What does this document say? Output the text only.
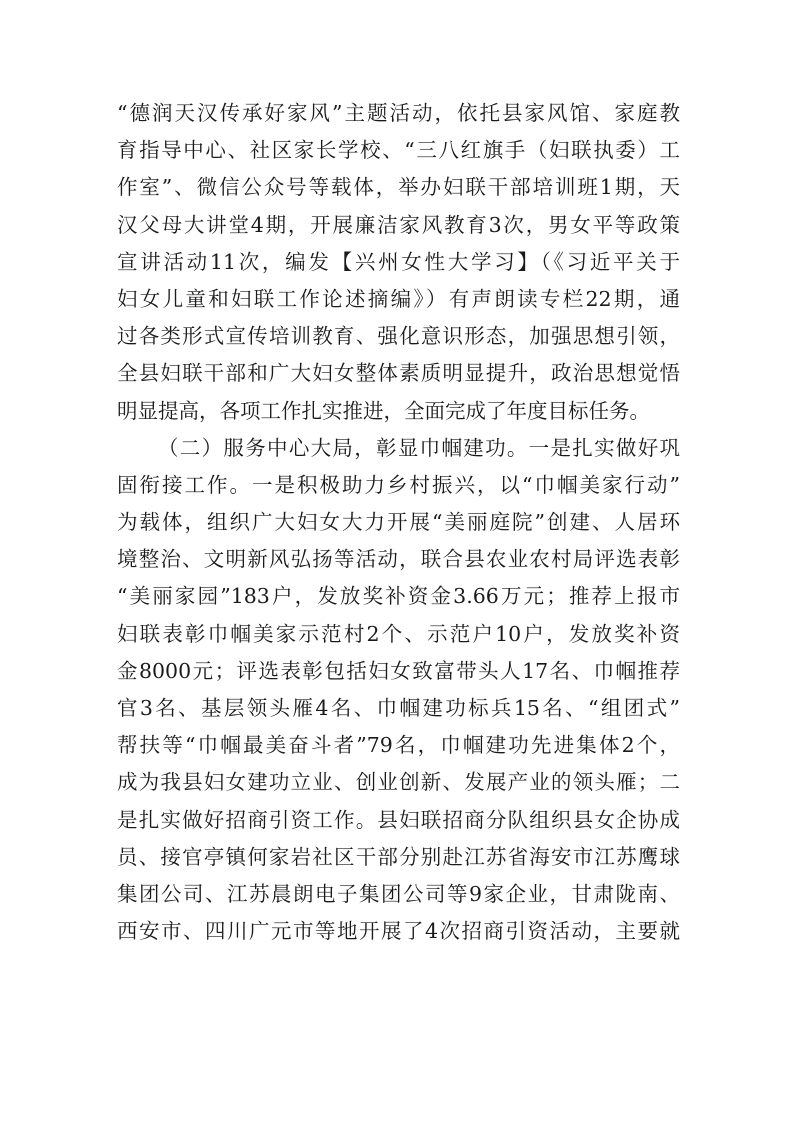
“德润天汉传承好家风”主题活动，依托县家风馆、家庭教
育指导中心、社区家长学校、“三八红旗手（妇联执委）工
作室”、微信公众号等载体，举办妇联干部培训班1期，天
汉父母大讲堂4期，开展廉洁家风教育3次，男女平等政策
宣讲活动11次，编发【兴州女性大学习】（《习近平关于
妇女儿童和妇联工作论述摘编》）有声朗读专栏22期，通
过各类形式宣传培训教育、强化意识形态，加强思想引领，
全县妇联干部和广大妇女整体素质明显提升，政治思想觉悟
明显提高，各项工作扎实推进，全面完成了年度目标任务。
（二）服务中心大局，彰显巾帼建功。一是扎实做好巩
固衔接工作。一是积极助力乡村振兴，以“巾帼美家行动”
为载体，组织广大妇女大力开展“美丽庭院”创建、人居环
境整治、文明新风弘扬等活动，联合县农业农村局评选表彰
“美丽家园”183户，发放奖补资金3.66万元；推荐上报市
妇联表彰巾帼美家示范村2个、示范户10户，发放奖补资
金8000元；评选表彰包括妇女致富带头人17名、巾帼推荐
官3名、基层领头雁4名、巾帼建功标兵15名、“组团式”
帮扶等“巾帼最美奋斗者”79名，巾帼建功先进集体2个，
成为我县妇女建功立业、创业创新、发展产业的领头雁；二
是扎实做好招商引资工作。县妇联招商分队组织县女企协成
员、接官亭镇何家岩社区干部分别赴江苏省海安市江苏鹰球
集团公司、江苏晨朗电子集团公司等9家企业，甘肃陇南、
西安市、四川广元市等地开展了4次招商引资活动，主要就
